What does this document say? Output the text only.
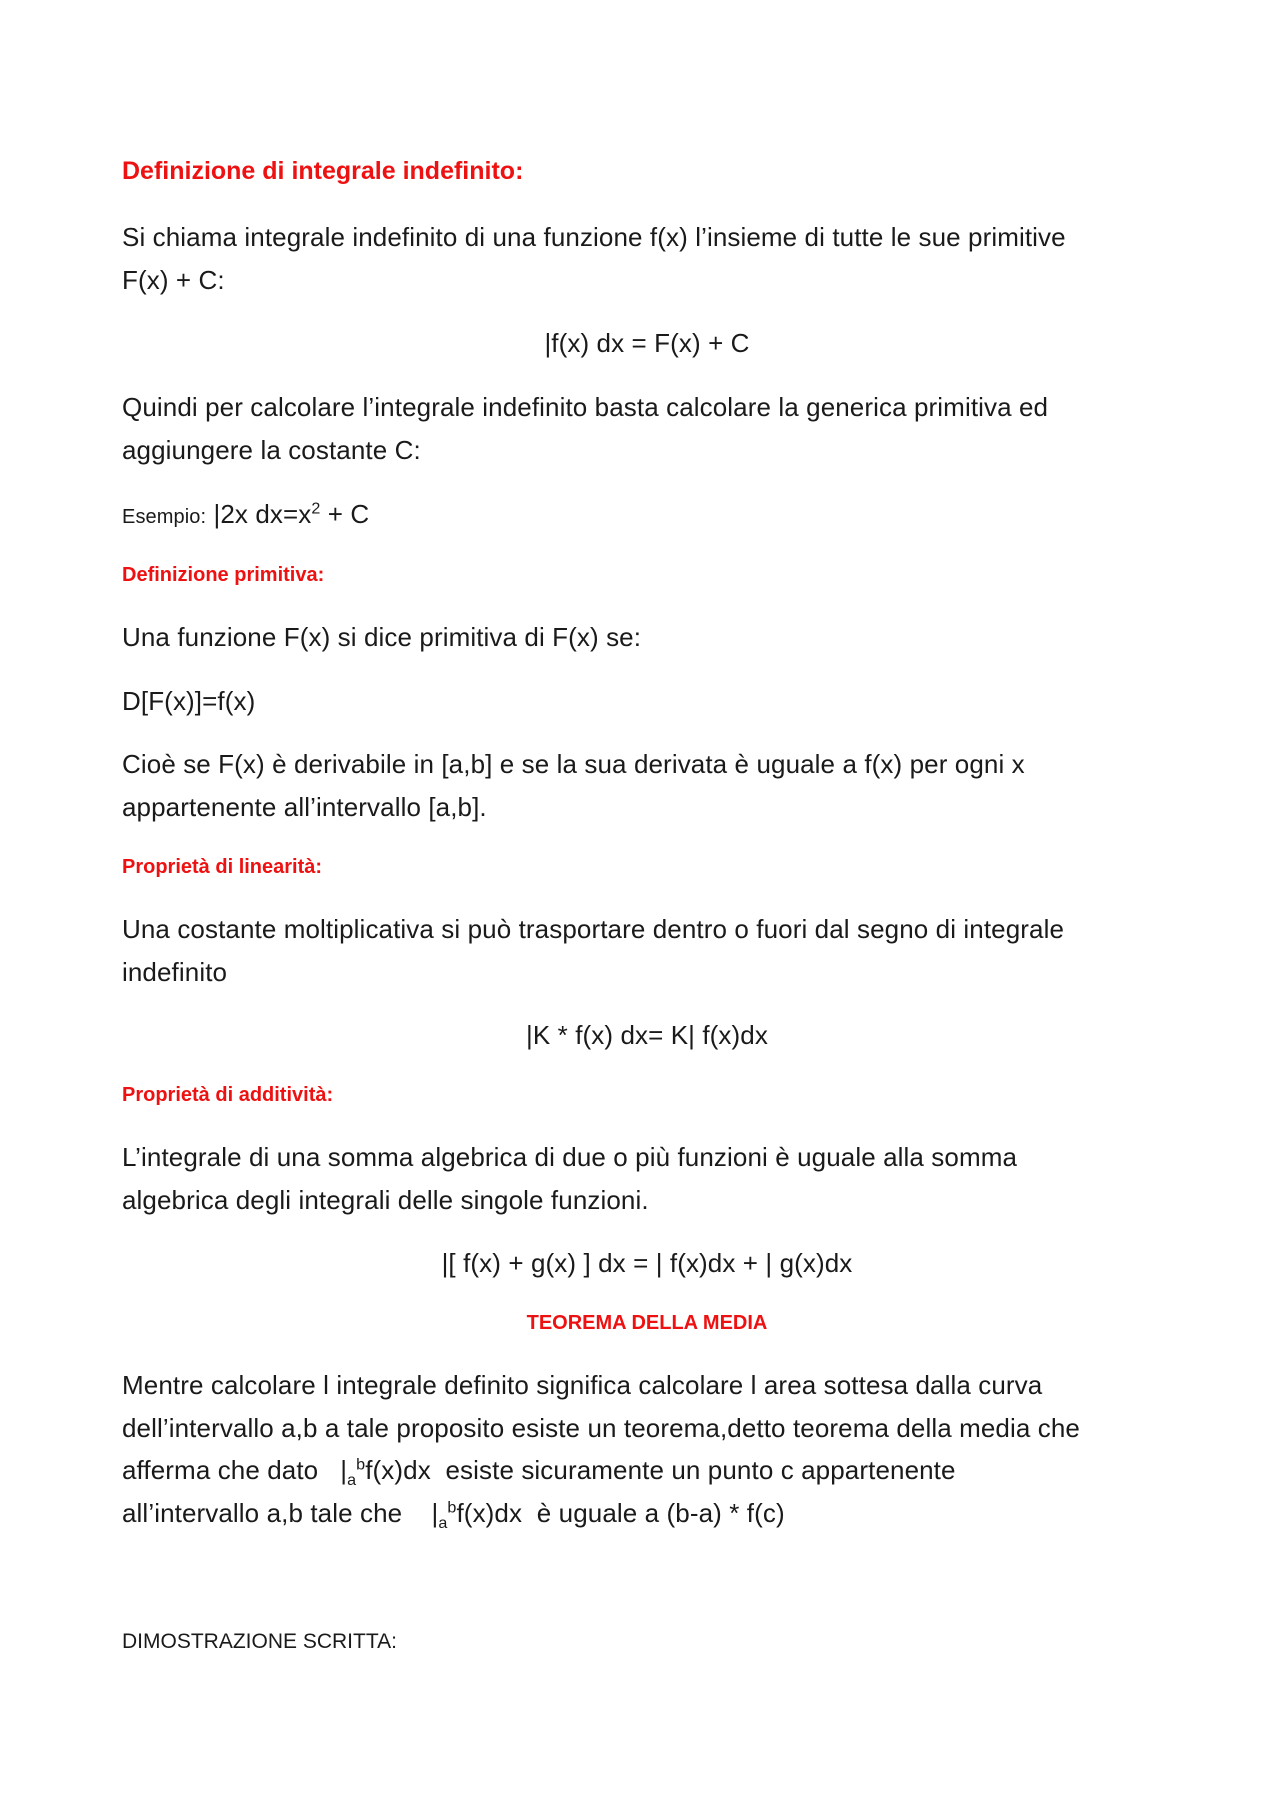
Definizione di integrale indefinito:

Si chiama integrale indefinito di una funzione f(x) l’insieme di tutte le sue primitive
F(x) + C:

|f(x) dx = F(x) + C

Quindi per calcolare l’integrale indefinito basta calcolare la generica primitiva ed
aggiungere la costante C:

Esempio: |2x $dx=x^2 + C$

Definizione primitiva:

Una funzione F(x) si dice primitiva di F(x) se:

D[F(x)]=f(x)

Cioè se F(x) è derivabile in [a,b] e se la sua derivata è uguale a f(x) per ogni x
appartenente all’intervallo [a,b].

Proprietà di linearità:

Una costante moltiplicativa si può trasportare dentro o fuori dal segno di integrale
indefinito

|K * f(x) dx= K| f(x)dx

Proprietà di additività:

L’integrale di una somma algebrica di due o più funzioni è uguale alla somma
algebrica degli integrali delle singole funzioni.

|[ f(x) + g(x) ] dx = | f(x)dx + | g(x)dx

TEOREMA DELLA MEDIA

Mentre calcolare l integrale definito significa calcolare l area sottesa dalla curva
dell’intervallo a,b a tale proposito esiste un teorema,detto teorema della media che
afferma che dato $|_a^bf(x)dx$ esiste sicuramente un punto c appartenente
all’intervallo a,b tale che $|_a^bf(x)dx$ è uguale a (b-a) * f(c)

DIMOSTRAZIONE SCRITTA:
